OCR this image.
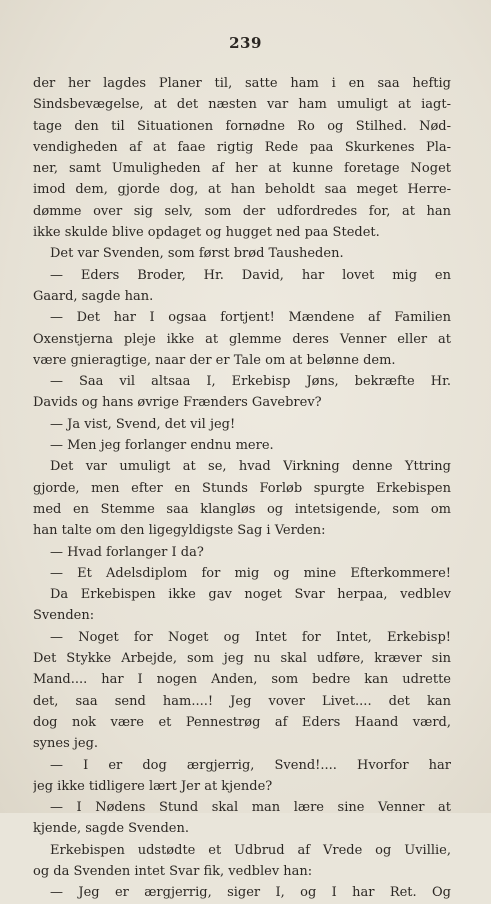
239
der her lagdes Planer til, satte ham i en saa heftig
Sindsbevægelse, at det næsten var ham umuligt at iagt-
tage den til Situationen fornødne Ro og Stilhed. Nød-
vendigheden af at faae rigtig Rede paa Skurkenes Pla-
ner, samt Umuligheden af her at kunne foretage Noget
imod dem, gjorde dog, at han beholdt saa meget Herre-
dømme over sig selv, som der udfordredes for, at han
ikke skulde blive opdaget og hugget ned paa Stedet.
Det var Svenden, som først brød Tausheden.
— Eders Broder, Hr. David, har lovet mig en
Gaard, sagde han.
— Det har I ogsaa fortjent! Mændene af Familien
Oxenstjerna pleje ikke at glemme deres Venner eller at
være gnieragtige, naar der er Tale om at belønne dem.
— Saa vil altsaa I, Erkebisp Jøns, bekræfte Hr.
Davids og hans øvrige Frænders Gavebrev?
— Ja vist, Svend, det vil jeg!
— Men jeg forlanger endnu mere.
Det var umuligt at se, hvad Virkning denne Yttring
gjorde, men efter en Stunds Forløb spurgte Erkebispen
med en Stemme saa klangløs og intetsigende, som om
han talte om den ligegyldigste Sag i Verden:
— Hvad forlanger I da?
— Et Adelsdiplom for mig og mine Efterkommere!
Da Erkebispen ikke gav noget Svar herpaa, vedblev
Svenden:
— Noget for Noget og Intet for Intet, Erkebisp!
Det Stykke Arbejde, som jeg nu skal udføre, kræver sin
Mand.... har I nogen Anden, som bedre kan udrette
det, saa send ham....! Jeg vover Livet.... det kan
dog nok være et Pennestrøg af Eders Haand værd,
synes jeg.
— I er dog ærgjerrig, Svend!.... Hvorfor har
jeg ikke tidligere lært Jer at kjende?
— I Nødens Stund skal man lære sine Venner at
kjende, sagde Svenden.
Erkebispen udstødte et Udbrud af Vrede og Uvillie,
og da Svenden intet Svar fik, vedblev han:
— Jeg er ærgjerrig, siger I, og I har Ret. Og
